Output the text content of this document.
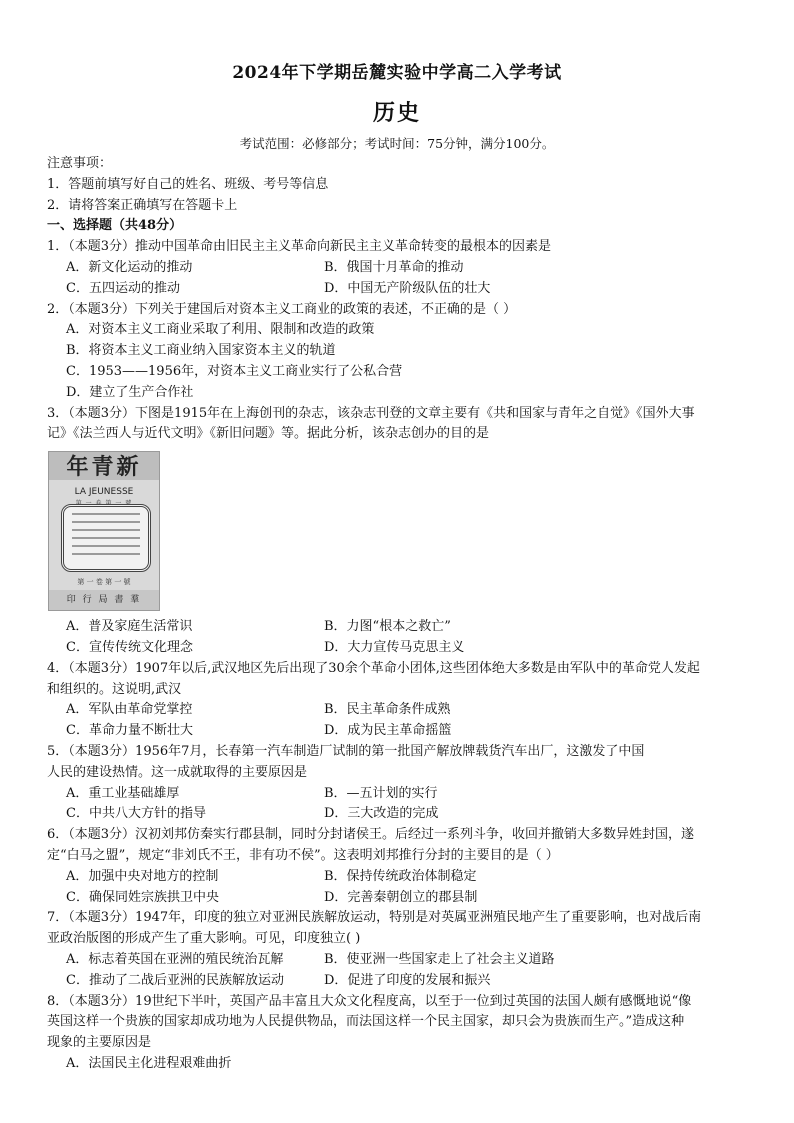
2024年下学期岳麓实验中学高二入学考试
历史
考试范围：必修部分；考试时间：75分钟，满分100分。
注意事项：
1．答题前填写好自己的姓名、班级、考号等信息
2．请将答案正确填写在答题卡上
一、选择题（共48分）
1．（本题3分）推动中国革命由旧民主主义革命向新民主主义革命转变的最根本的因素是
A．新文化运动的推动	B．俄国十月革命的推动
C．五四运动的推动	D．中国无产阶级队伍的壮大
2．（本题3分）下列关于建国后对资本主义工商业的政策的表述，不正确的是（ ）
A．对资本主义工商业采取了利用、限制和改造的政策
B．将资本主义工商业纳入国家资本主义的轨道
C．1953——1956年，对资本主义工商业实行了公私合营
D．建立了生产合作社
3．（本题3分）下图是1915年在上海创刊的杂志，该杂志刊登的文章主要有《共和国家与青年之自觉》《国外大事
记》《法兰西人与近代文明》《新旧问题》等。据此分析，该杂志创办的目的是
年青新
LA JEUNESSE
第 一 卷 第 一 號
印 行 局 書 羣
A．普及家庭生活常识	B．力图“根本之救亡”
C．宣传传统文化理念	D．大力宣传马克思主义
4．（本题3分）1907年以后,武汉地区先后出现了30余个革命小团体,这些团体绝大多数是由军队中的革命党人发起
和组织的。这说明,武汉
A．军队由革命党掌控	B．民主革命条件成熟
C．革命力量不断壮大	D．成为民主革命摇篮
5．（本题3分）1956年7月，长春第一汽车制造厂试制的第一批国产解放牌载货汽车出厂，这激发了中国
人民的建设热情。这一成就取得的主要原因是
A．重工业基础雄厚	B．—五计划的实行
C．中共八大方针的指导	D．三大改造的完成
6．（本题3分）汉初刘邦仿秦实行郡县制，同时分封诸侯王。后经过一系列斗争，收回并撤销大多数异姓封国，遂
定“白马之盟”，规定“非刘氏不王，非有功不侯”。这表明刘邦推行分封的主要目的是（ ）
A．加强中央对地方的控制	B．保持传统政治体制稳定
C．确保同姓宗族拱卫中央	D．完善秦朝创立的郡县制
7．（本题3分）1947年，印度的独立对亚洲民族解放运动，特别是对英属亚洲殖民地产生了重要影响，也对战后南
亚政治版图的形成产生了重大影响。可见，印度独立( )
A．标志着英国在亚洲的殖民统治瓦解	B．使亚洲一些国家走上了社会主义道路
C．推动了二战后亚洲的民族解放运动	D．促进了印度的发展和振兴
8．（本题3分）19世纪下半叶，英国产品丰富且大众文化程度高，以至于一位到过英国的法国人颇有感慨地说“像
英国这样一个贵族的国家却成功地为人民提供物品，而法国这样一个民主国家，却只会为贵族而生产。”造成这种
现象的主要原因是
A．法国民主化进程艰难曲折
